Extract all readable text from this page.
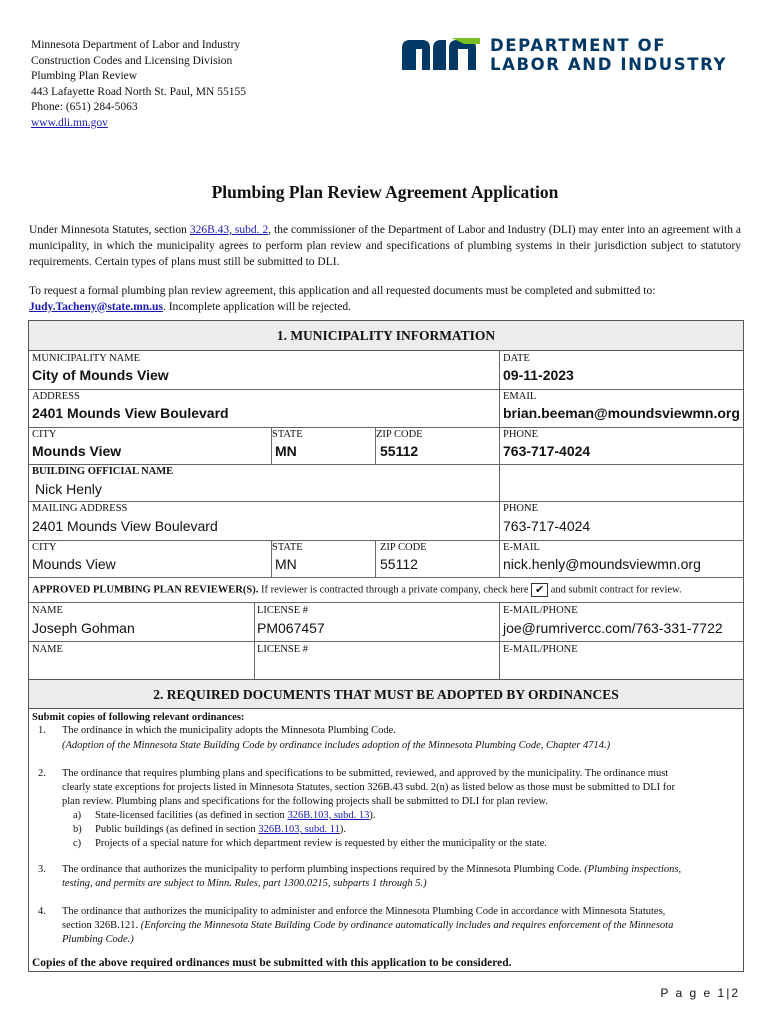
Minnesota Department of Labor and Industry
Construction Codes and Licensing Division
Plumbing Plan Review
443 Lafayette Road North St. Paul, MN 55155
Phone: (651) 284-5063
www.dli.mn.gov
DEPARTMENT OF
LABOR AND INDUSTRY
Plumbing Plan Review Agreement Application
Under Minnesota Statutes, section 326B.43, subd. 2, the commissioner of the Department of Labor and Industry (DLI) may enter into an agreement with a municipality, in which the municipality agrees to perform plan review and specifications of plumbing systems in their jurisdiction subject to statutory requirements. Certain types of plans must still be submitted to DLI.
To request a formal plumbing plan review agreement, this application and all requested documents must be completed and submitted to: Judy.Tacheny@state.mn.us. Incomplete application will be rejected.
1. MUNICIPALITY INFORMATION
MUNICIPALITY NAME
City of Mounds View
DATE
09-11-2023
ADDRESS
2401 Mounds View Boulevard
EMAIL
brian.beeman@moundsviewmn.org
CITY
Mounds View
STATE
MN
ZIP CODE
55112
PHONE
763-717-4024
BUILDING OFFICIAL NAME
Nick Henly
MAILING ADDRESS
2401 Mounds View Boulevard
PHONE
763-717-4024
CITY
Mounds View
STATE
MN
ZIP CODE
55112
E-MAIL
nick.henly@moundsviewmn.org
APPROVED PLUMBING PLAN REVIEWER(S). If reviewer is contracted through a private company, check here ✔ and submit contract for review.
NAME
Joseph Gohman
LICENSE #
PM067457
E-MAIL/PHONE
joe@rumrivercc.com/763-331-7722
NAME	LICENSE #	E-MAIL/PHONE
2. REQUIRED DOCUMENTS THAT MUST BE ADOPTED BY ORDINANCES
Submit copies of following relevant ordinances:
1. The ordinance in which the municipality adopts the Minnesota Plumbing Code.
(Adoption of the Minnesota State Building Code by ordinance includes adoption of the Minnesota Plumbing Code, Chapter 4714.)
2. The ordinance that requires plumbing plans and specifications to be submitted, reviewed, and approved by the municipality. The ordinance must
clearly state exceptions for projects listed in Minnesota Statutes, section 326B.43 subd. 2(n) as listed below as those must be submitted to DLI for
plan review. Plumbing plans and specifications for the following projects shall be submitted to DLI for plan review.
a) State-licensed facilities (as defined in section 326B.103, subd. 13).
b) Public buildings (as defined in section 326B.103, subd. 11).
c) Projects of a special nature for which department review is requested by either the municipality or the state.
3. The ordinance that authorizes the municipality to perform plumbing inspections required by the Minnesota Plumbing Code. (Plumbing inspections,
testing, and permits are subject to Minn. Rules, part 1300.0215, subparts 1 through 5.)
4. The ordinance that authorizes the municipality to administer and enforce the Minnesota Plumbing Code in accordance with Minnesota Statutes,
section 326B.121. (Enforcing the Minnesota State Building Code by ordinance automatically includes and requires enforcement of the Minnesota
Plumbing Code.)
Copies of the above required ordinances must be submitted with this application to be considered.
P a g e 1|2
